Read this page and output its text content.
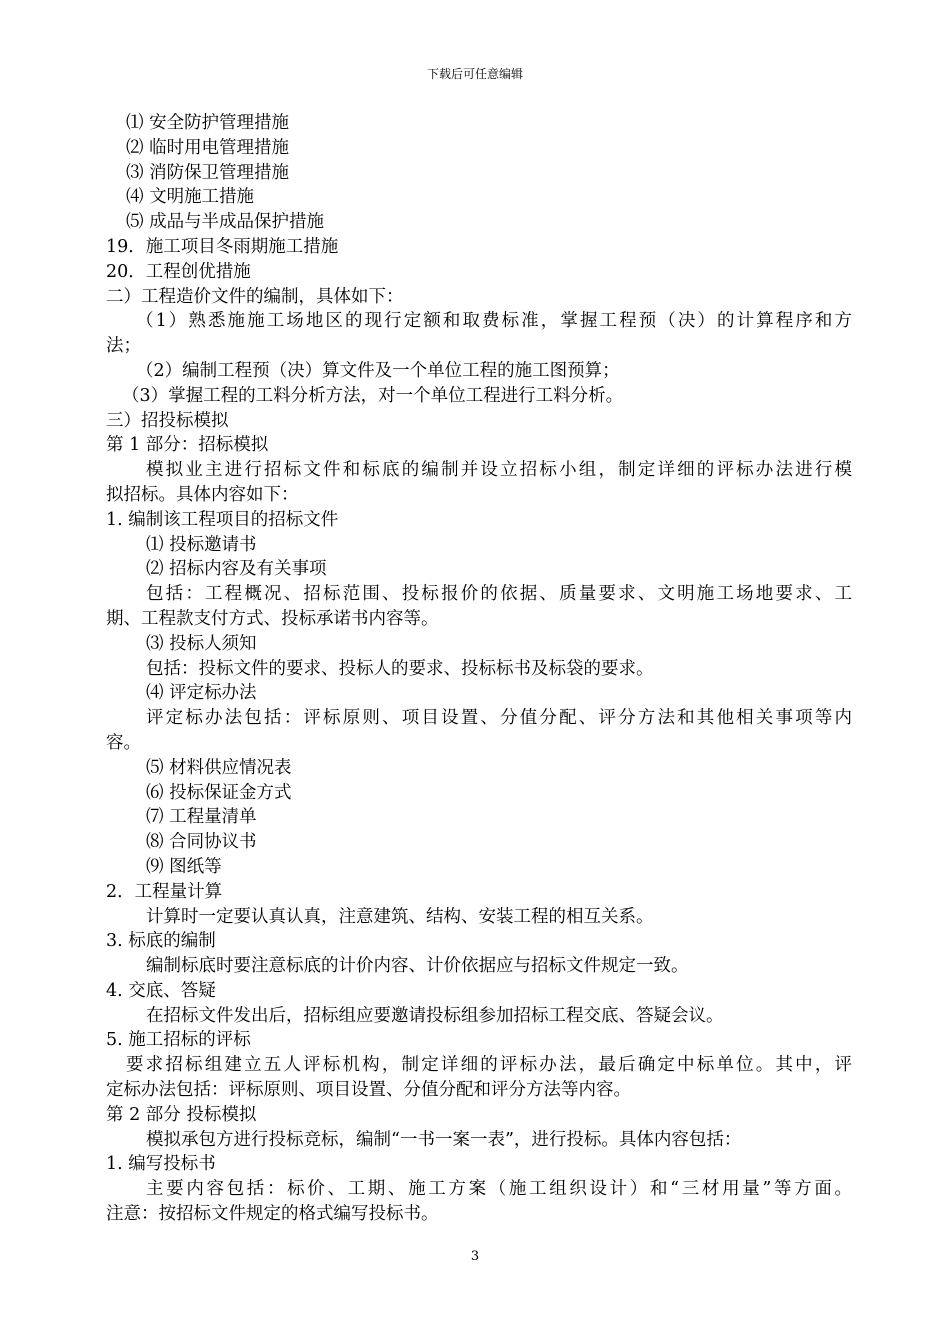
下载后可任意编辑
⑴ 安全防护管理措施
⑵ 临时用电管理措施
⑶ 消防保卫管理措施
⑷ 文明施工措施
⑸ 成品与半成品保护措施
19．施工项目冬雨期施工措施
20．工程创优措施
二）工程造价文件的编制，具体如下：
（1）熟悉施施工场地区的现行定额和取费标准，掌握工程预（决）的计算程序和方
法；
（2）编制工程预（决）算文件及一个单位工程的施工图预算；
（3）掌握工程的工料分析方法，对一个单位工程进行工料分析。
三）招投标模拟
第 1 部分：招标模拟
模拟业主进行招标文件和标底的编制并设立招标小组，制定详细的评标办法进行模
拟招标。具体内容如下：
1. 编制该工程项目的招标文件
⑴ 投标邀请书
⑵ 招标内容及有关事项
包括：工程概况、招标范围、投标报价的依据、质量要求、文明施工场地要求、工
期、工程款支付方式、投标承诺书内容等。
⑶ 投标人须知
包括：投标文件的要求、投标人的要求、投标标书及标袋的要求。
⑷ 评定标办法
评定标办法包括：评标原则、项目设置、分值分配、评分方法和其他相关事项等内
容。
⑸ 材料供应情况表
⑹ 投标保证金方式
⑺ 工程量清单
⑻ 合同协议书
⑼ 图纸等
2．工程量计算
计算时一定要认真认真，注意建筑、结构、安装工程的相互关系。
3. 标底的编制
编制标底时要注意标底的计价内容、计价依据应与招标文件规定一致。
4. 交底、答疑
在招标文件发出后，招标组应要邀请投标组参加招标工程交底、答疑会议。
5. 施工招标的评标
要求招标组建立五人评标机构，制定详细的评标办法，最后确定中标单位。其中，评
定标办法包括：评标原则、项目设置、分值分配和评分方法等内容。
第 2 部分 投标模拟
模拟承包方进行投标竞标，编制“一书一案一表”，进行投标。具体内容包括：
1. 编写投标书
主要内容包括：标价、工期、施工方案（施工组织设计）和“三材用量”等方面。
注意：按招标文件规定的格式编写投标书。
3
